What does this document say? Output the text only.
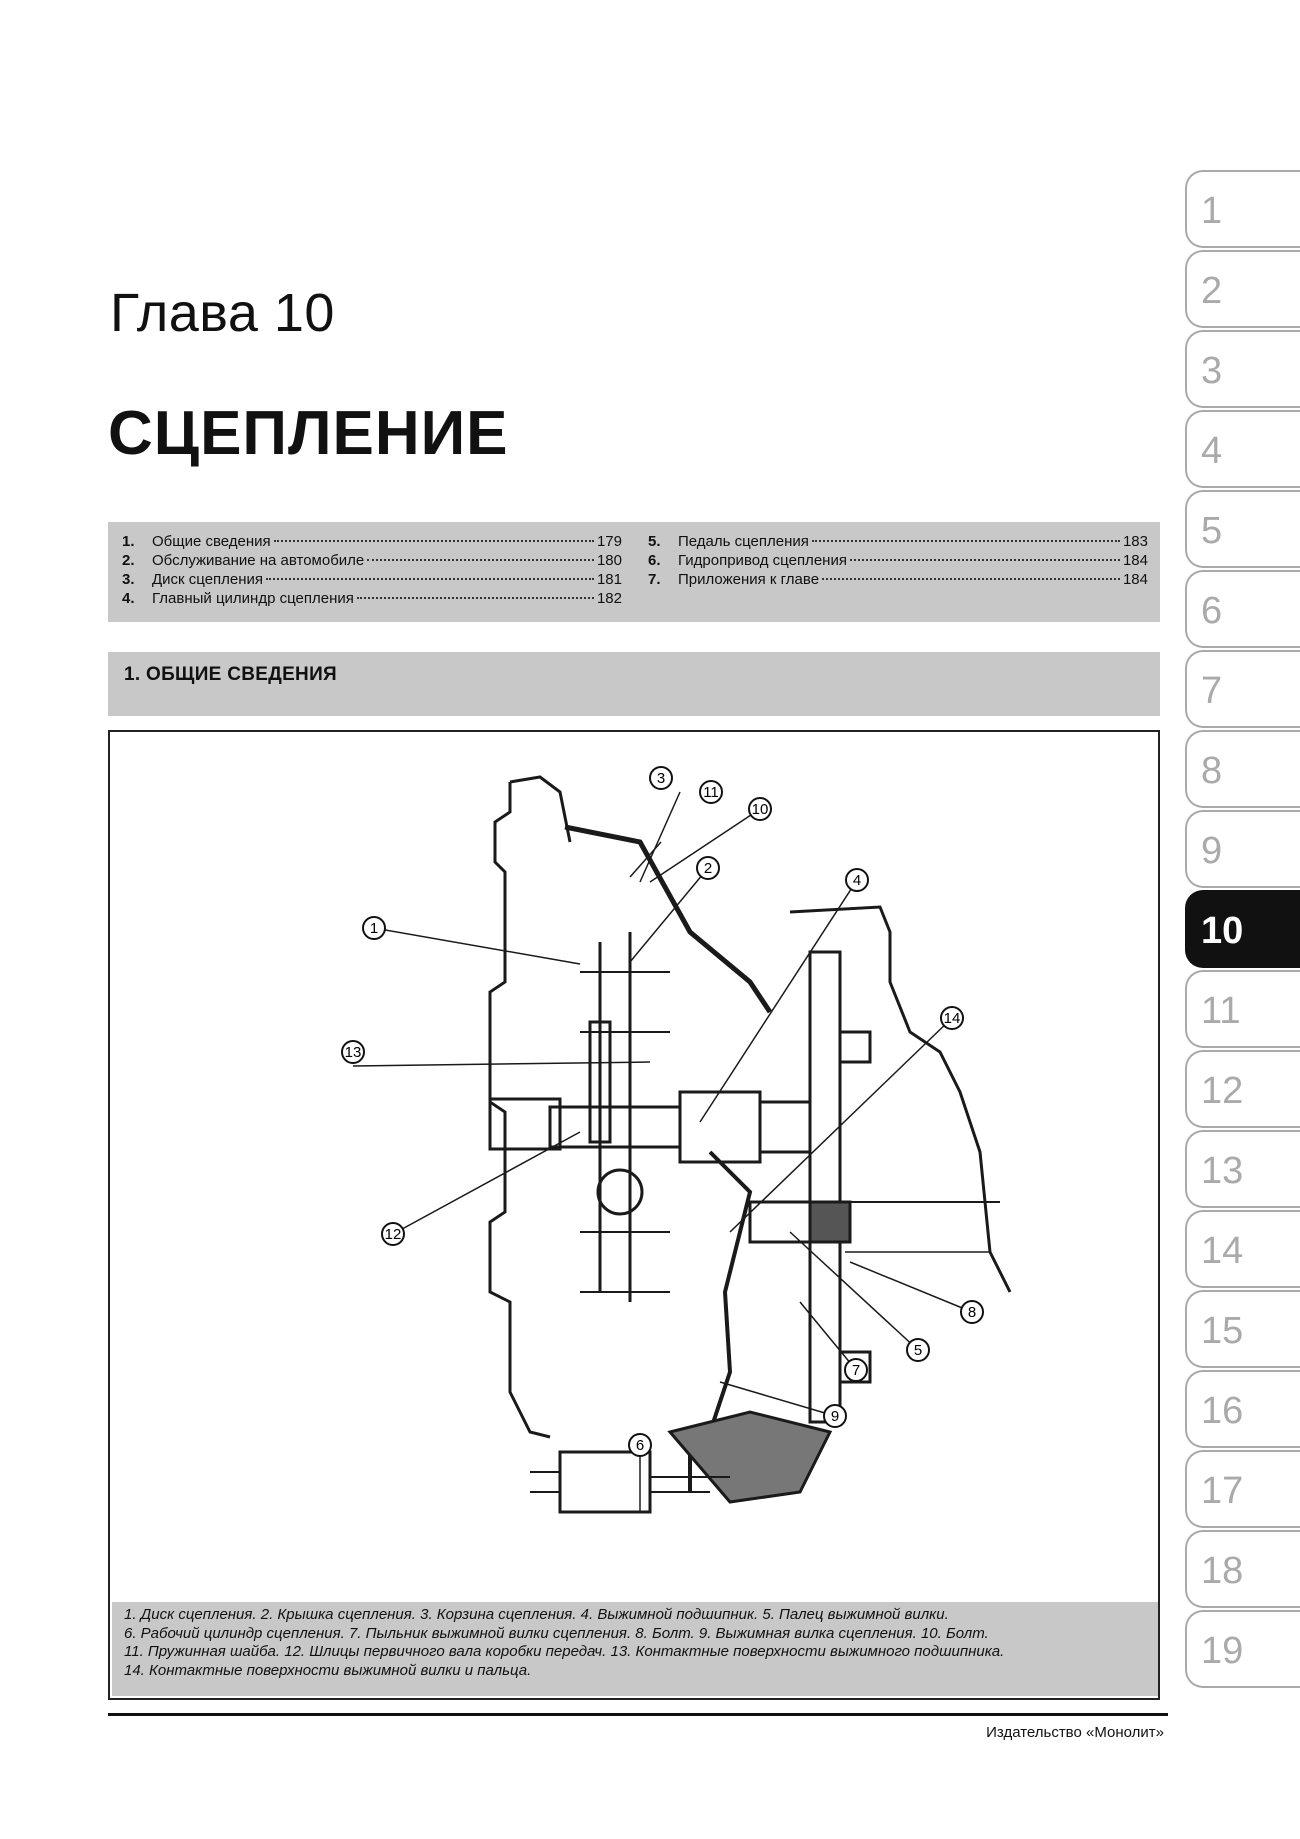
Глава 10
СЦЕПЛЕНИЕ
1.	Общие сведения	179
2.	Обслуживание на автомобиле	180
3.	Диск сцепления	181
4.	Главный цилиндр сцепления	182
5.	Педаль сцепления	183
6.	Гидропривод сцепления	184
7.	Приложения к главе	184
1. ОБЩИЕ СВЕДЕНИЯ
1
2
3
4
5
6
7
8
9
10
11
12
13
14
1. Диск сцепления. 2. Крышка сцепления. 3. Корзина сцепления. 4. Выжимной подшипник. 5. Палец выжимной вилки.
6. Рабочий цилиндр сцепления. 7. Пыльник выжимной вилки сцепления. 8. Болт. 9. Выжимная вилка сцепления. 10. Болт.
11. Пружинная шайба. 12. Шлицы первичного вала коробки передач. 13. Контактные поверхности выжимного подшипника.
14. Контактные поверхности выжимной вилки и пальца.
Издательство «Монолит»
1
2
3
4
5
6
7
8
9
10
11
12
13
14
15
16
17
18
19
